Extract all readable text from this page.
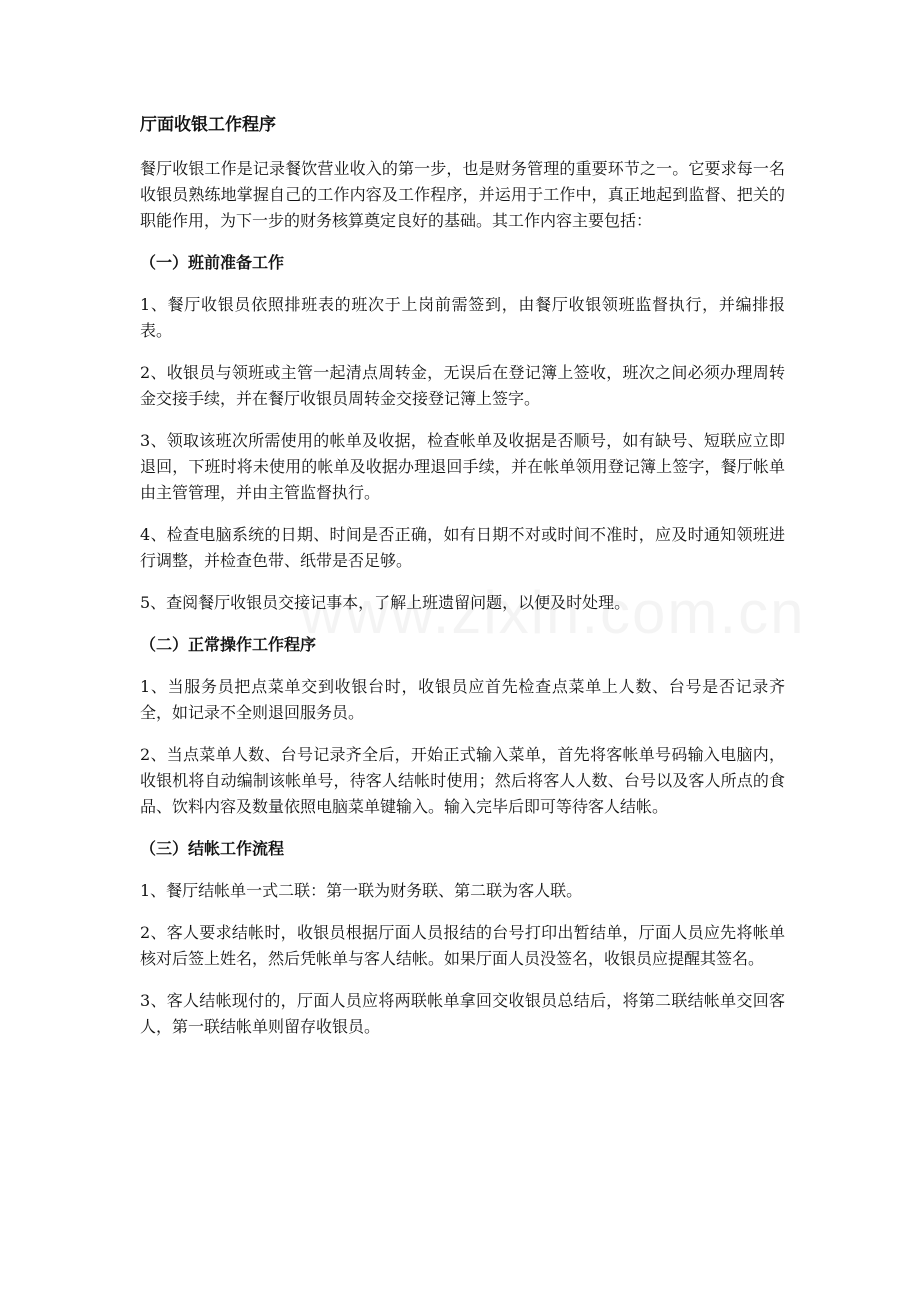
厅面收银工作程序

餐厅收银工作是记录餐饮营业收入的第一步，也是财务管理的重要环节之一。它要求每一名收银员熟练地掌握自己的工作内容及工作程序，并运用于工作中，真正地起到监督、把关的职能作用，为下一步的财务核算奠定良好的基础。其工作内容主要包括：

（一）班前准备工作

1、餐厅收银员依照排班表的班次于上岗前需签到，由餐厅收银领班监督执行，并编排报表。

2、收银员与领班或主管一起清点周转金，无误后在登记簿上签收，班次之间必须办理周转金交接手续，并在餐厅收银员周转金交接登记簿上签字。

3、领取该班次所需使用的帐单及收据，检查帐单及收据是否顺号，如有缺号、短联应立即退回，下班时将未使用的帐单及收据办理退回手续，并在帐单领用登记簿上签字，餐厅帐单由主管管理，并由主管监督执行。

4、检查电脑系统的日期、时间是否正确，如有日期不对或时间不准时，应及时通知领班进行调整，并检查色带、纸带是否足够。

5、查阅餐厅收银员交接记事本，了解上班遗留问题，以便及时处理。

（二）正常操作工作程序

1、当服务员把点菜单交到收银台时，收银员应首先检查点菜单上人数、台号是否记录齐全，如记录不全则退回服务员。

2、当点菜单人数、台号记录齐全后，开始正式输入菜单，首先将客帐单号码输入电脑内，收银机将自动编制该帐单号，待客人结帐时使用；然后将客人人数、台号以及客人所点的食品、饮料内容及数量依照电脑菜单键输入。输入完毕后即可等待客人结帐。

（三）结帐工作流程

1、餐厅结帐单一式二联：第一联为财务联、第二联为客人联。

2、客人要求结帐时，收银员根据厅面人员报结的台号打印出暂结单，厅面人员应先将帐单核对后签上姓名，然后凭帐单与客人结帐。如果厅面人员没签名，收银员应提醒其签名。

3、客人结帐现付的，厅面人员应将两联帐单拿回交收银员总结后，将第二联结帐单交回客人，第一联结帐单则留存收银员。
